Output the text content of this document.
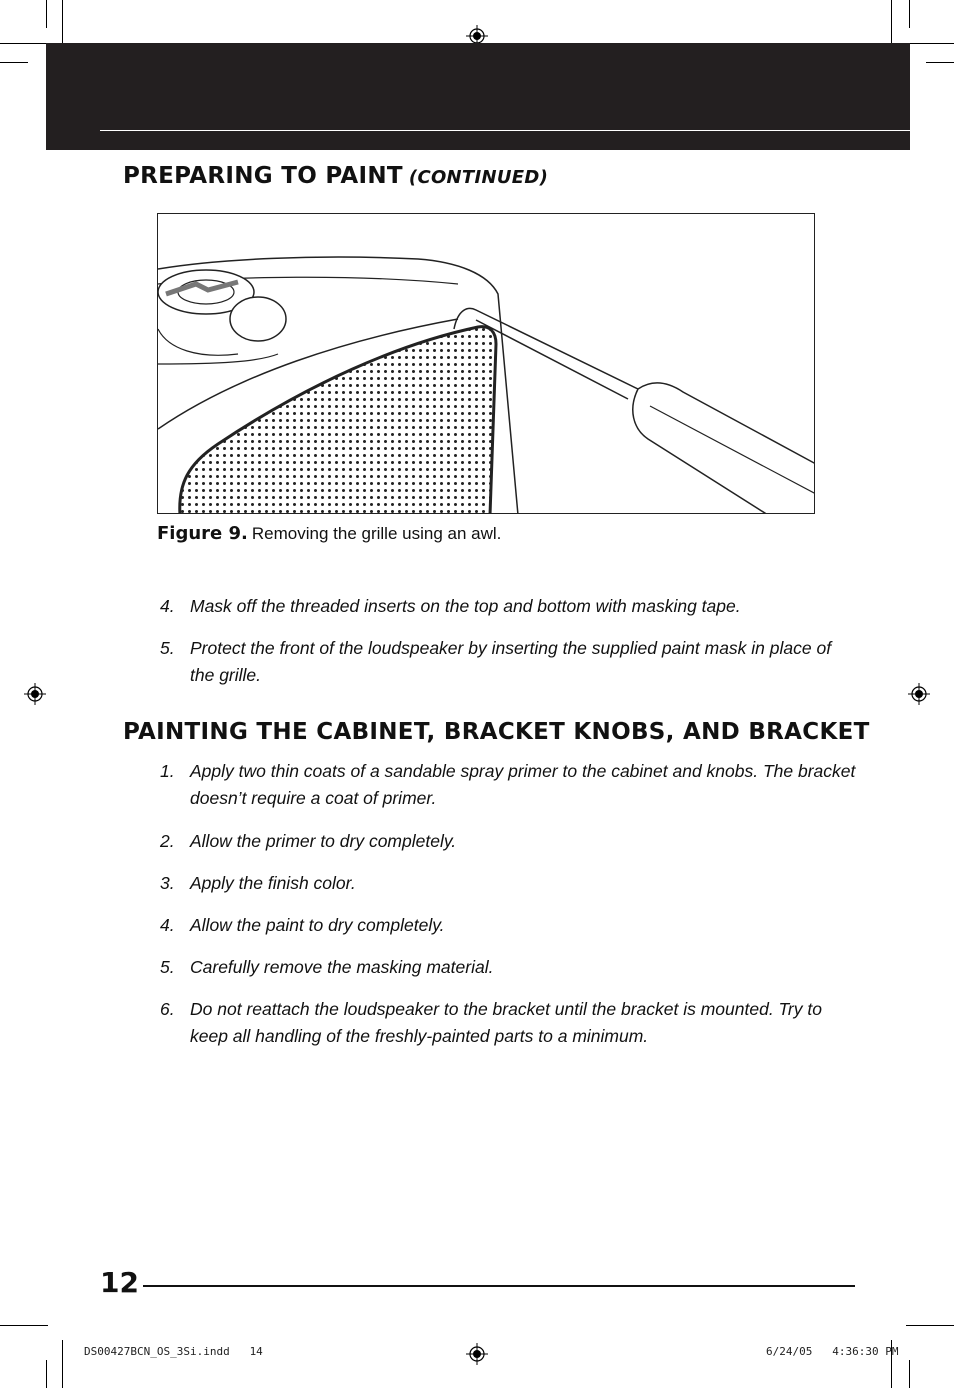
PREPARING TO PAINT (CONTINUED)
Figure 9. Removing the grille using an awl.
4. Mask off the threaded inserts on the top and bottom with masking tape.
5. Protect the front of the loudspeaker by inserting the supplied paint mask in place of the grille.
PAINTING THE CABINET, BRACKET KNOBS, AND BRACKET
1. Apply two thin coats of a sandable spray primer to the cabinet and knobs. The bracket doesn’t require a coat of primer.
2. Allow the primer to dry completely.
3. Apply the finish color.
4. Allow the paint to dry completely.
5. Carefully remove the masking material.
6. Do not reattach the loudspeaker to the bracket until the bracket is mounted. Try to keep all handling of the freshly-painted parts to a minimum.
12
DS00427BCN_OS_3Si.indd   14	6/24/05   4:36:30 PM
